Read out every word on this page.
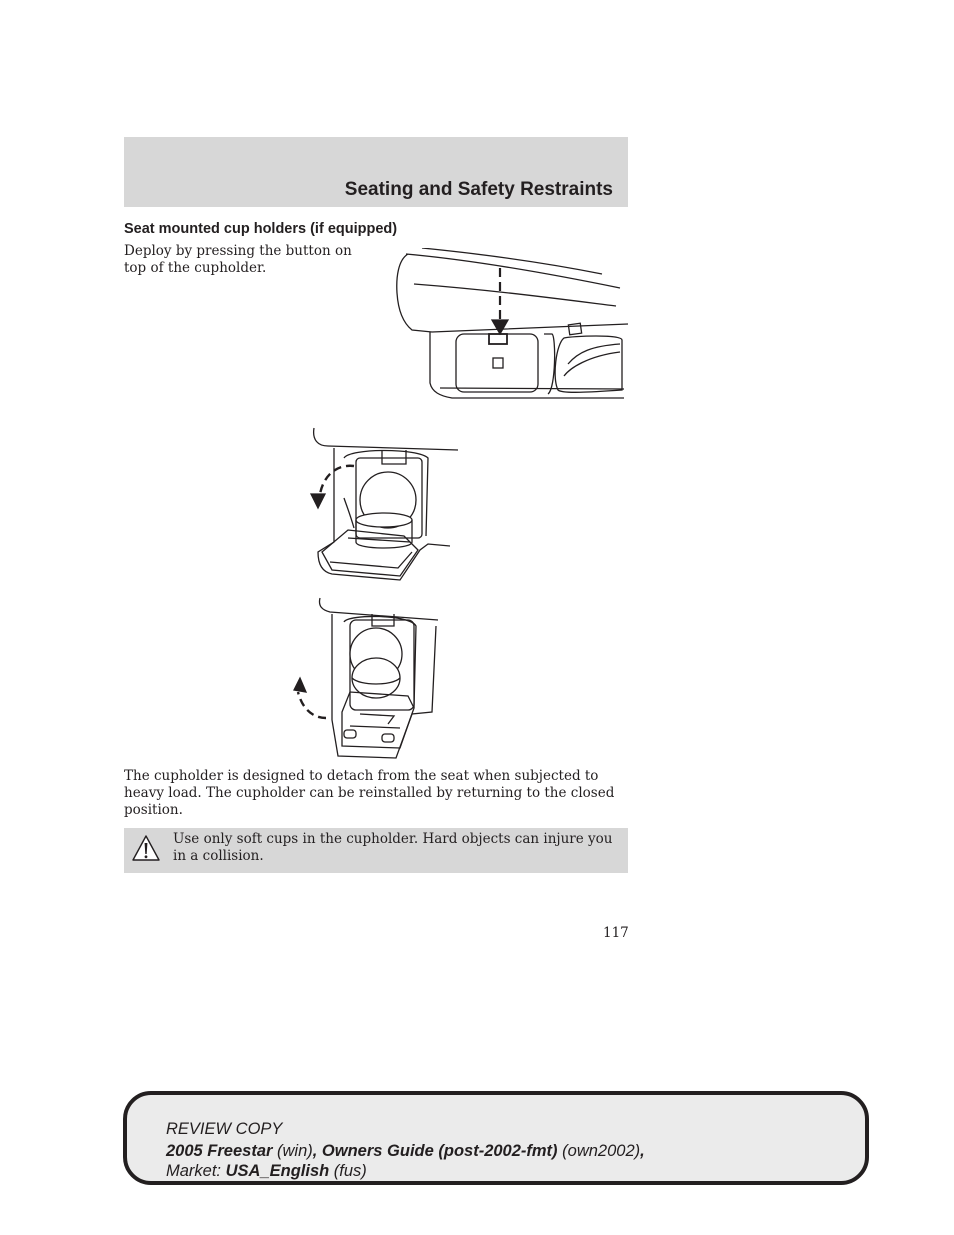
Seating and Safety Restraints
Seat mounted cup holders (if equipped)
Deploy by pressing the button on
top of the cupholder.
The cupholder is designed to detach from the seat when subjected to heavy load. The cupholder can be reinstalled by returning to the closed position.
Use only soft cups in the cupholder. Hard objects can injure you in a collision.
117
REVIEW COPY
2005 Freestar (win), Owners Guide (post-2002-fmt) (own2002),
Market: USA_English (fus)
